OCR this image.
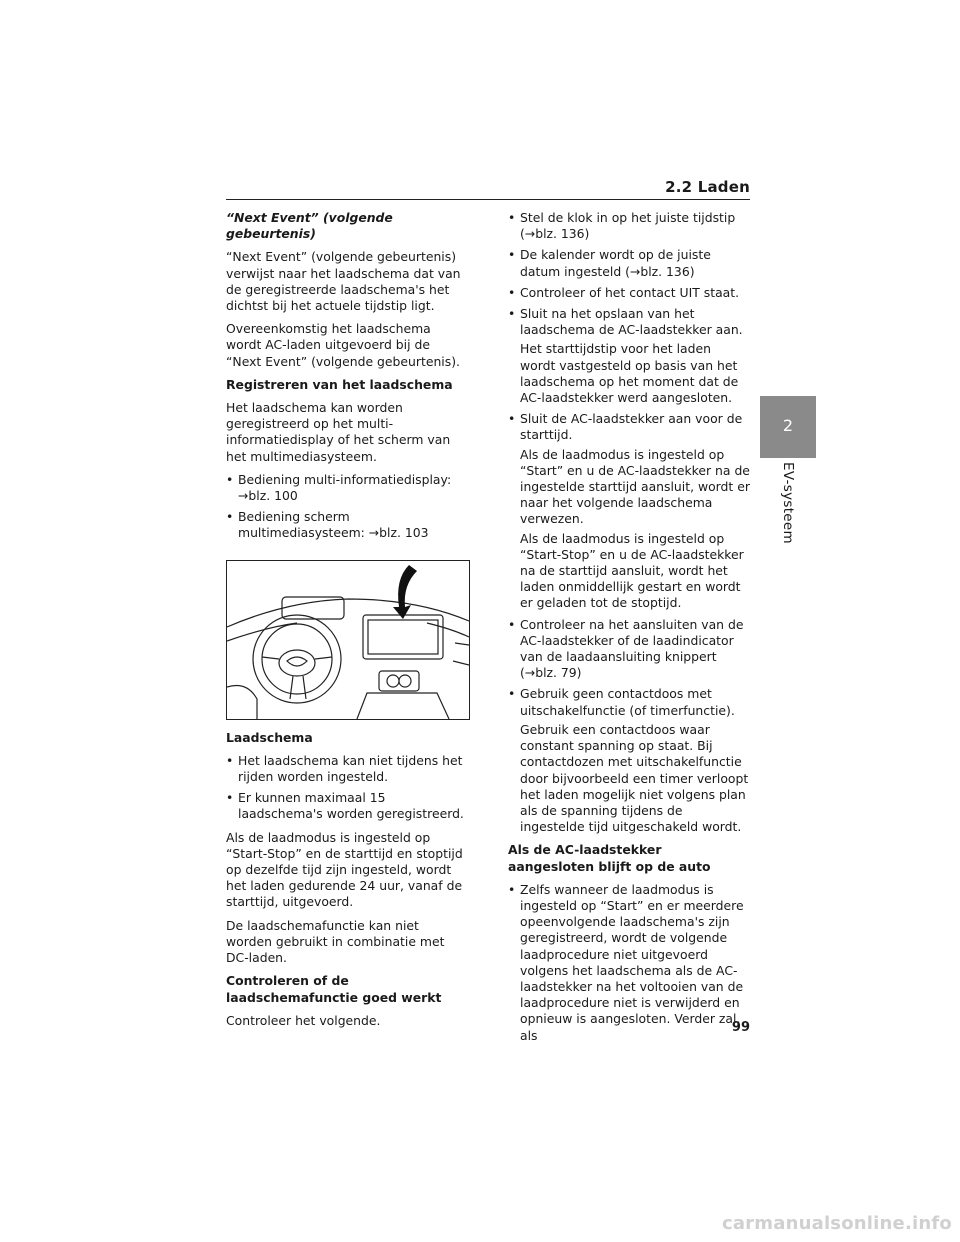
2.2 Laden

“Next Event” (volgende gebeurtenis)

“Next Event” (volgende gebeurtenis) verwijst naar het laadschema dat van de geregistreerde laadschema's het dichtst bij het actuele tijdstip ligt.

Overeenkomstig het laadschema wordt AC-laden uitgevoerd bij de “Next Event” (volgende gebeurtenis).

Registreren van het laadschema

Het laadschema kan worden geregistreerd op het multi-informatiedisplay of het scherm van het multimediasysteem.

• Bediening multi-informatiedisplay: →blz. 100
• Bediening scherm multimediasysteem: →blz. 103

Laadschema

• Het laadschema kan niet tijdens het rijden worden ingesteld.
• Er kunnen maximaal 15 laadschema's worden geregistreerd.

Als de laadmodus is ingesteld op “Start-Stop” en de starttijd en stoptijd op dezelfde tijd zijn ingesteld, wordt het laden gedurende 24 uur, vanaf de starttijd, uitgevoerd.

De laadschemafunctie kan niet worden gebruikt in combinatie met DC-laden.

Controleren of de laadschemafunctie goed werkt

Controleer het volgende.

• Stel de klok in op het juiste tijdstip (→blz. 136)
• De kalender wordt op de juiste datum ingesteld (→blz. 136)
• Controleer of het contact UIT staat.
• Sluit na het opslaan van het laadschema de AC-laadstekker aan.
Het starttijdstip voor het laden wordt vastgesteld op basis van het laadschema op het moment dat de AC-laadstekker werd aangesloten.
• Sluit de AC-laadstekker aan voor de starttijd.
Als de laadmodus is ingesteld op “Start” en u de AC-laadstekker na de ingestelde starttijd aansluit, wordt er naar het volgende laadschema verwezen.
Als de laadmodus is ingesteld op “Start-Stop” en u de AC-laadstekker na de starttijd aansluit, wordt het laden onmiddellijk gestart en wordt er geladen tot de stoptijd.
• Controleer na het aansluiten van de AC-laadstekker of de laadindicator van de laadaansluiting knippert (→blz. 79)
• Gebruik geen contactdoos met uitschakelfunctie (of timerfunctie).
Gebruik een contactdoos waar constant spanning op staat. Bij contactdozen met uitschakelfunctie door bijvoorbeeld een timer verloopt het laden mogelijk niet volgens plan als de spanning tijdens de ingestelde tijd uitgeschakeld wordt.

Als de AC-laadstekker aangesloten blijft op de auto

• Zelfs wanneer de laadmodus is ingesteld op “Start” en er meerdere opeenvolgende laadschema's zijn geregistreerd, wordt de volgende laadprocedure niet uitgevoerd volgens het laadschema als de AC-laadstekker na het voltooien van de laadprocedure niet is verwijderd en opnieuw is aangesloten. Verder zal, als
2
EV-systeem
99
carmanualsonline.info
